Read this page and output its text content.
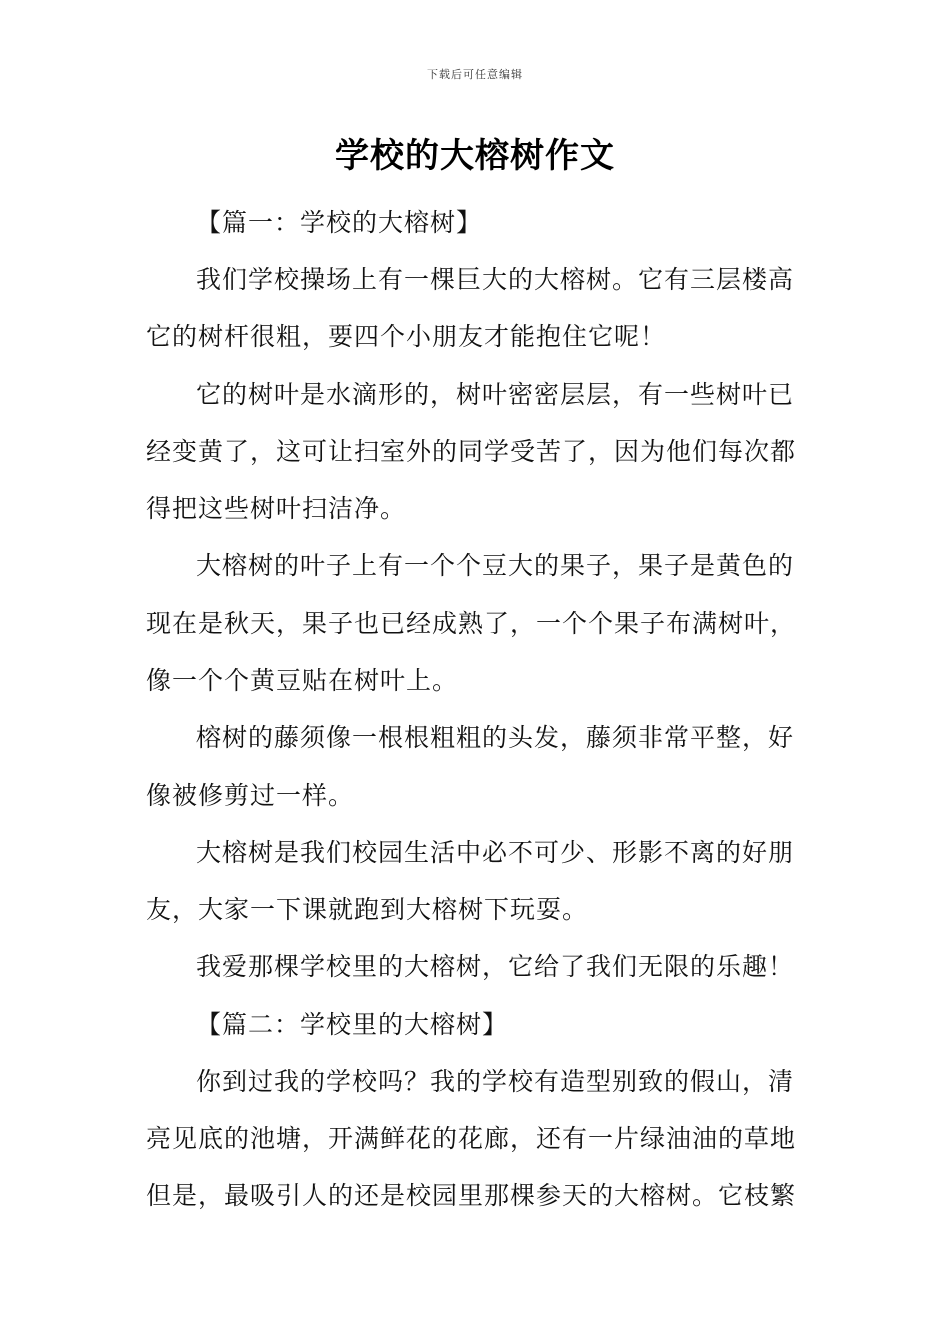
下载后可任意编辑
学校的大榕树作文
【篇一：学校的大榕树】
我们学校操场上有一棵巨大的大榕树。它有三层楼高
它的树杆很粗，要四个小朋友才能抱住它呢！
它的树叶是水滴形的，树叶密密层层，有一些树叶已
经变黄了，这可让扫室外的同学受苦了，因为他们每次都
得把这些树叶扫洁净。
大榕树的叶子上有一个个豆大的果子，果子是黄色的
现在是秋天，果子也已经成熟了，一个个果子布满树叶，
像一个个黄豆贴在树叶上。
榕树的藤须像一根根粗粗的头发，藤须非常平整，好
像被修剪过一样。
大榕树是我们校园生活中必不可少、形影不离的好朋
友，大家一下课就跑到大榕树下玩耍。
我爱那棵学校里的大榕树，它给了我们无限的乐趣！
【篇二：学校里的大榕树】
你到过我的学校吗？我的学校有造型别致的假山，清
亮见底的池塘，开满鲜花的花廊，还有一片绿油油的草地
但是，最吸引人的还是校园里那棵参天的大榕树。它枝繁
